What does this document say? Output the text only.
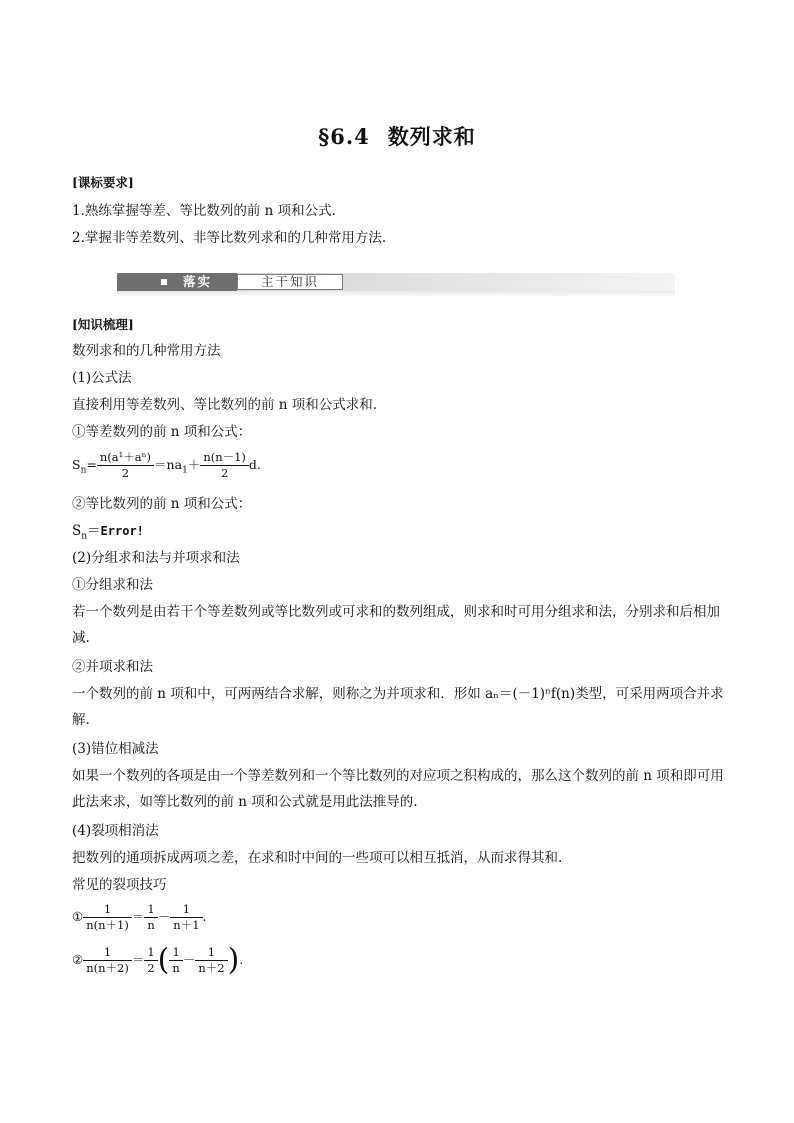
§6.4 数列求和
[课标要求]
1.熟练掌握等差、等比数列的前 n 项和公式.
2.掌握非等差数列、非等比数列求和的几种常用方法.
落实	主干知识
[知识梳理]
数列求和的几种常用方法
(1)公式法
直接利用等差数列、等比数列的前 n 项和公式求和.
①等差数列的前 n 项和公式：
$S_n= \frac{\text{n(a¹＋aⁿ)}}{2} =na_1+ \frac{n(n-1)}{2} d$.
②等比数列的前 n 项和公式：
$S_n=Error$!
(2)分组求和法与并项求和法
①分组求和法
若一个数列是由若干个等差数列或等比数列或可求和的数列组成，则求和时可用分组求和法，分别求和后相加减.
②并项求和法
一个数列的前 n 项和中，可两两结合求解，则称之为并项求和．形如 aₙ＝(－1)ⁿf(n)类型，可采用两项合并求解.
(3)错位相减法
如果一个数列的各项是由一个等差数列和一个等比数列的对应项之积构成的，那么这个数列的前 n 项和即可用此法来求，如等比数列的前 n 项和公式就是用此法推导的.
(4)裂项相消法
把数列的通项拆成两项之差，在求和时中间的一些项可以相互抵消，从而求得其和.
常见的裂项技巧
① $\frac{1}{n(n+1)} = \frac{1}{n} - \frac{1}{n+1}$ .
② $\frac{1}{n(n+2)} = \frac{1}{2}$ ( $\frac{1}{n} - \frac{1}{n+2}$ ).
